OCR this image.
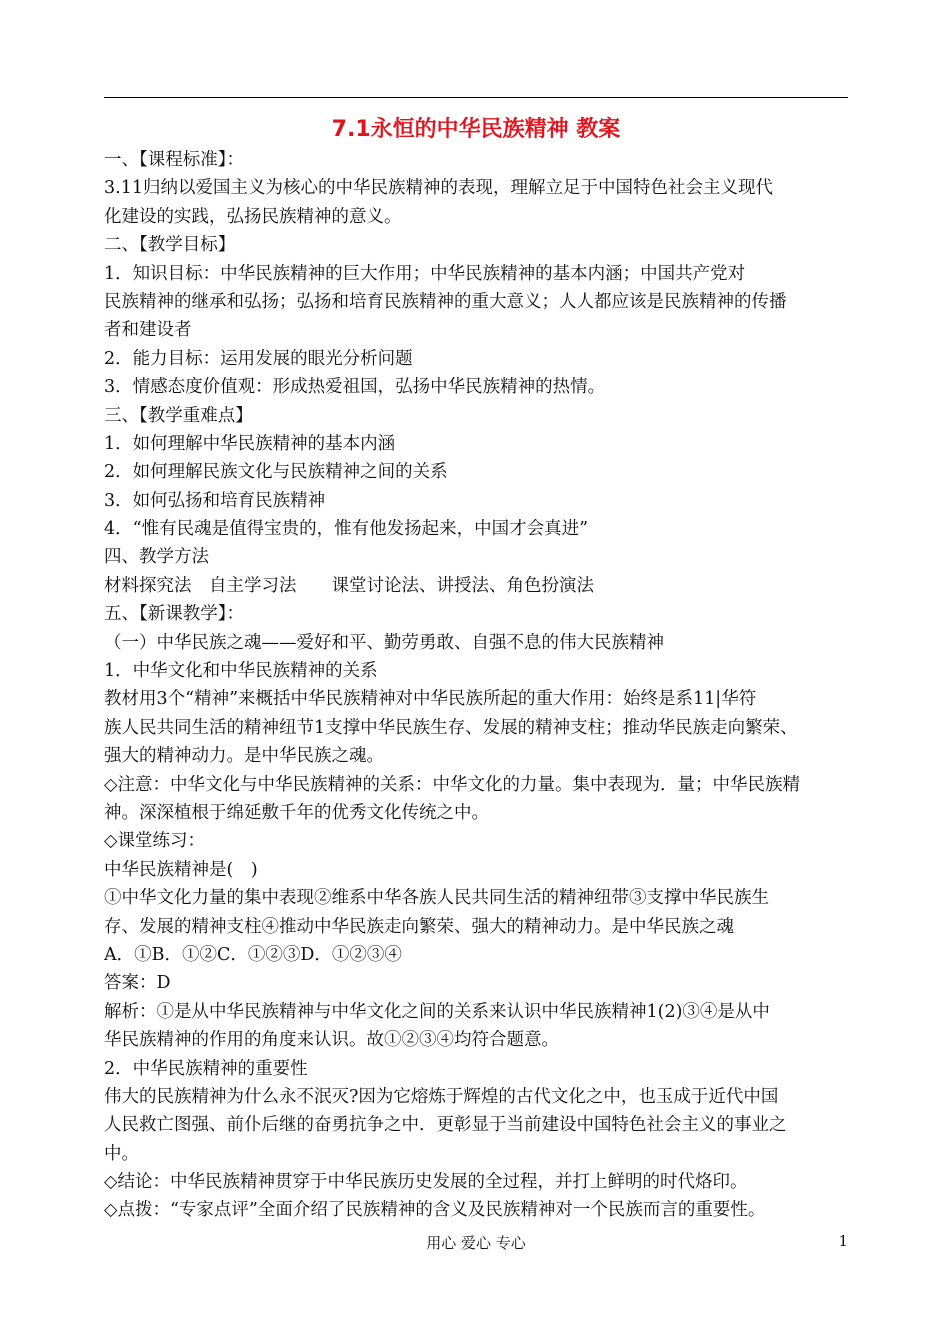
7.1永恒的中华民族精神 教案
一、【课程标准】：
3.11归纳以爱国主义为核心的中华民族精神的表现，理解立足于中国特色社会主义现代
化建设的实践，弘扬民族精神的意义。
二、【教学目标】
1．知识目标：中华民族精神的巨大作用；中华民族精神的基本内涵；中国共产党对
民族精神的继承和弘扬；弘扬和培育民族精神的重大意义；人人都应该是民族精神的传播
者和建设者
2．能力目标：运用发展的眼光分析问题
3．情感态度价值观：形成热爱祖国，弘扬中华民族精神的热情。
三、【教学重难点】
1．如何理解中华民族精神的基本内涵
2．如何理解民族文化与民族精神之间的关系
3．如何弘扬和培育民族精神
4．“惟有民魂是值得宝贵的，惟有他发扬起来，中国才会真进”
四、教学方法
材料探究法　自主学习法　　课堂讨论法、讲授法、角色扮演法
五、【新课教学】：
（一）中华民族之魂——爱好和平、勤劳勇敢、自强不息的伟大民族精神
1．中华文化和中华民族精神的关系
教材用3个“精神”来概括中华民族精神对中华民族所起的重大作用：始终是系11|华符
族人民共同生活的精神纽节1支撑中华民族生存、发展的精神支柱；推动华民族走向繁荣、
强大的精神动力。是中华民族之魂。
◇注意：中华文化与中华民族精神的关系：中华文化的力量。集中表现为．量；中华民族精
神。深深植根于绵延敷千年的优秀文化传统之中。
◇课堂练习：
中华民族精神是(　)
①中华文化力量的集中表现②维系中华各族人民共同生活的精神纽带③支撑中华民族生
存、发展的精神支柱④推动中华民族走向繁荣、强大的精神动力。是中华民族之魂
A．①B．①②C．①②③D．①②③④
答案：D
解析：①是从中华民族精神与中华文化之间的关系来认识中华民族精神1(2)③④是从中
华民族精神的作用的角度来认识。故①②③④均符合题意。
2．中华民族精神的重要性
伟大的民族精神为什么永不泯灭?因为它熔炼于辉煌的古代文化之中，也玉成于近代中国
人民救亡图强、前仆后继的奋勇抗争之中．更彰显于当前建设中国特色社会主义的事业之
中。
◇结论：中华民族精神贯穿于中华民族历史发展的全过程，并打上鲜明的时代烙印。
◇点拨：“专家点评”全面介绍了民族精神的含义及民族精神对一个民族而言的重要性。
用心 爱心 专心	1
